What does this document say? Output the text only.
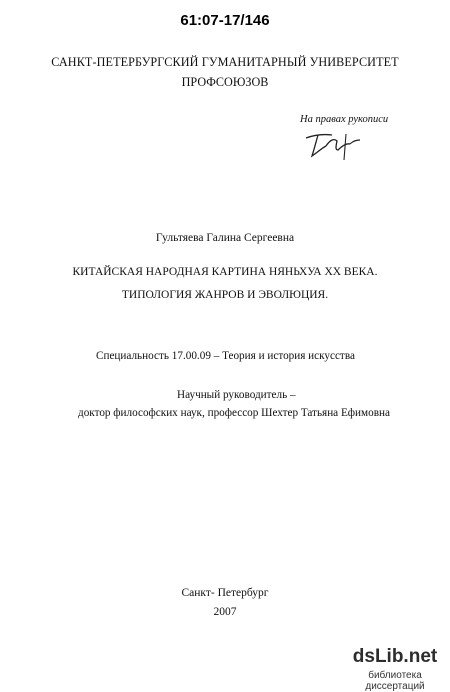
61:07-17/146
САНКТ-ПЕТЕРБУРГСКИЙ ГУМАНИТАРНЫЙ УНИВЕРСИТЕТ
ПРОФСОЮЗОВ
На правах рукописи
Гультяева Галина Сергеевна
КИТАЙСКАЯ НАРОДНАЯ КАРТИНА НЯНЬХУА XX ВЕКА.
ТИПОЛОГИЯ ЖАНРОВ И ЭВОЛЮЦИЯ.
Специальность 17.00.09 – Теория и история искусства
Научный руководитель –
доктор философских наук, профессор Шехтер Татьяна Ефимовна
Санкт- Петербург
2007
dsLib.net
библиотека диссертаций
